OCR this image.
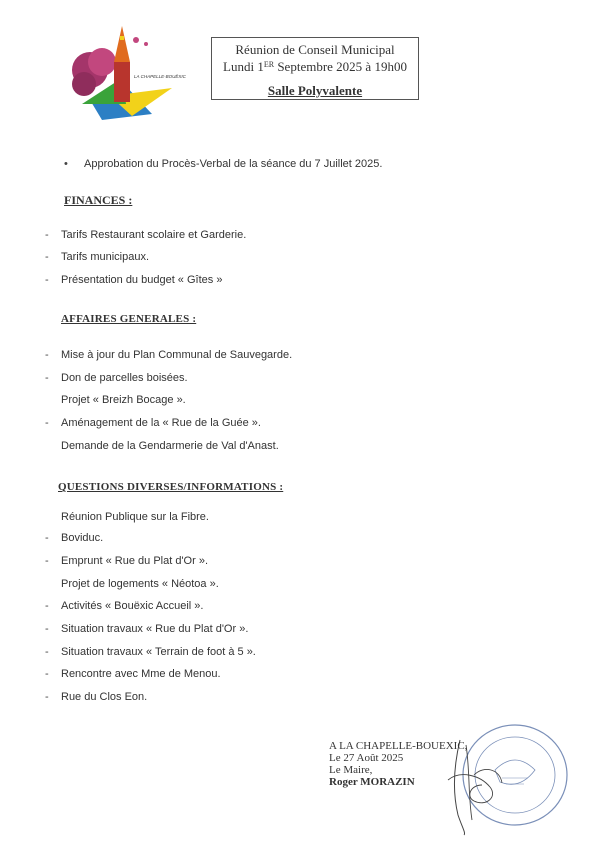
LA CHAPELLE-BOUËXIC
Réunion de Conseil Municipal
Lundi 1ER Septembre 2025 à 19h00
Salle Polyvalente
• Approbation du Procès-Verbal de la séance du 7 Juillet 2025.
FINANCES :
- Tarifs Restaurant scolaire et Garderie.
- Tarifs municipaux.
- Présentation du budget « Gîtes »
AFFAIRES GENERALES :
- Mise à jour du Plan Communal de Sauvegarde.
- Don de parcelles boisées.
Projet « Breizh Bocage ».
- Aménagement de la « Rue de la Guée ».
Demande de la Gendarmerie de Val d'Anast.
QUESTIONS DIVERSES/INFORMATIONS :
Réunion Publique sur la Fibre.
- Boviduc.
- Emprunt « Rue du Plat d'Or ».
Projet de logements « Néotoa ».
- Activités « Bouëxic Accueil ».
- Situation travaux « Rue du Plat d'Or ».
- Situation travaux « Terrain de foot à 5 ».
- Rencontre avec Mme de Menou.
- Rue du Clos Eon.
A LA CHAPELLE-BOUEXIC,
Le 27 Août 2025
Le Maire,
Roger MORAZIN
